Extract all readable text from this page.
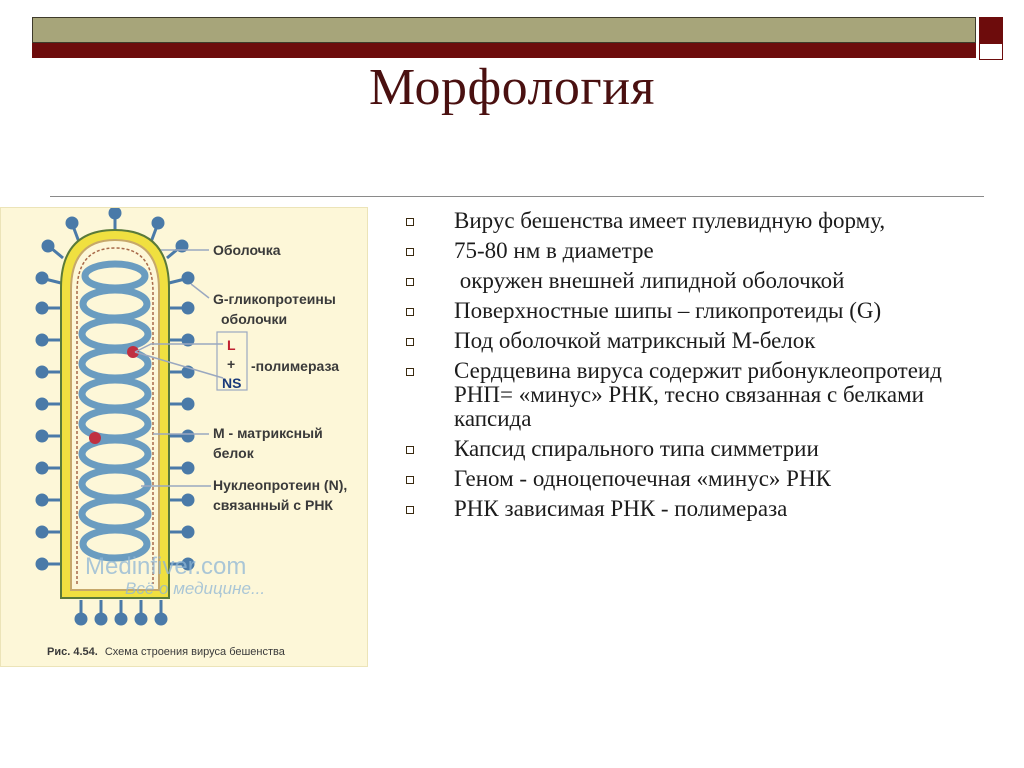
Морфология
Оболочка
G-гликопротеины
оболочки
L
+
NS
-полимераза
М - матриксный
белок
Нуклеопротеин (N),
связанный с РНК
Medinfiver.com
Всё о медицине...
Рис. 4.54. Схема строения вируса бешенства
Вирус бешенства имеет пулевидную форму,
75-80 нм в диаметре
окружен внешней липидной оболочкой
Поверхностные шипы – гликопротеиды (G)
Под оболочкой матриксный М-белок
Сердцевина вируса содержит рибонуклеопротеид РНП= «минус» РНК, тесно связанная с белками капсида
Капсид спирального типа симметрии
Геном - одноцепочечная «минус» РНК
РНК зависимая РНК - полимераза
